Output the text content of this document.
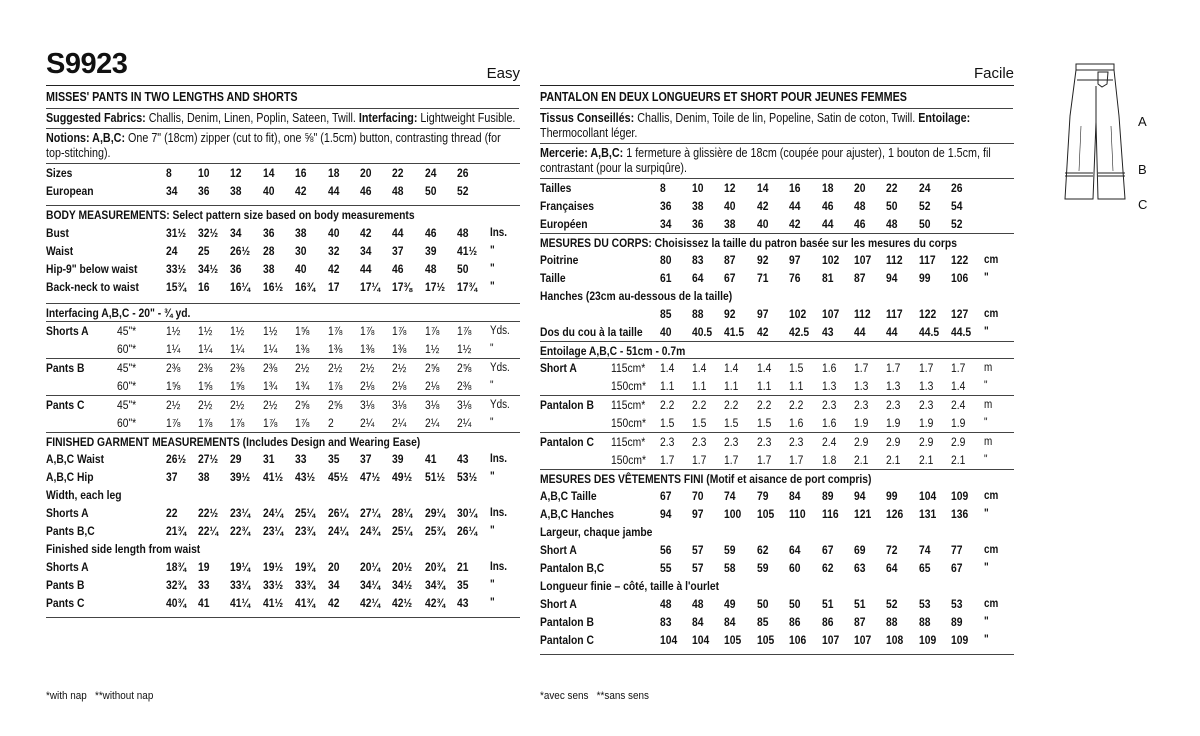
S9923	Easy
MISSES' PANTS IN TWO LENGTHS AND SHORTS
Suggested Fabrics: Challis, Denim, Linen, Poplin, Sateen, Twill. Interfacing: Lightweight Fusible.
Notions: A,B,C: One 7" (18cm) zipper (cut to fit), one ⅝" (1.5cm) button, contrasting thread (for top-stitching).
Sizes	8	10	12	14	16	18	20	22	24	26	
European	34	36	38	40	42	44	46	48	50	52	
BODY MEASUREMENTS: Select pattern size based on body measurements
Bust	31½	32½	34	36	38	40	42	44	46	48	Ins.
Waist	24	25	26½	28	30	32	34	37	39	41½	"
Hip-9" below waist	33½	34½	36	38	40	42	44	46	48	50	"
Back-neck to waist	15¾	16	16¼	16½	16¾	17	17¼	17⅜	17½	17¾	"
Interfacing A,B,C - 20" - ¾ yd.
Shorts A	45"*	1½	1½	1½	1½	1⅝	1⅞	1⅞	1⅞	1⅞	1⅞	Yds.
	60"*	1¼	1¼	1¼	1¼	1⅜	1⅜	1⅜	1⅜	1½	1½	"
Pants B	45"*	2⅜	2⅜	2⅜	2⅜	2½	2½	2½	2½	2⅝	2⅝	Yds.
	60"*	1⅝	1⅝	1⅝	1¾	1¾	1⅞	2⅛	2⅛	2⅛	2⅜	"
Pants C	45"*	2½	2½	2½	2½	2⅝	2⅝	3⅛	3⅛	3⅛	3⅛	Yds.
	60"*	1⅞	1⅞	1⅞	1⅞	1⅞	2	2¼	2¼	2¼	2¼	"
FINISHED GARMENT MEASUREMENTS (Includes Design and Wearing Ease)
A,B,C Waist	26½	27½	29	31	33	35	37	39	41	43	Ins.
A,B,C Hip	37	38	39½	41½	43½	45½	47½	49½	51½	53½	"
Width, each leg
Shorts A	22	22½	23¼	24¼	25¼	26¼	27¼	28¼	29¼	30¼	Ins.
Pants B,C	21¾	22¼	22¾	23¼	23¾	24¼	24¾	25¼	25¾	26¼	"
Finished side length from waist
Shorts A	18¾	19	19¼	19½	19¾	20	20¼	20½	20¾	21	Ins.
Pants B	32¾	33	33¼	33½	33¾	34	34¼	34½	34¾	35	"
Pants C	40¾	41	41¼	41½	41¾	42	42¼	42½	42¾	43	"
Facile
PANTALON EN DEUX LONGUEURS ET SHORT POUR JEUNES FEMMES
Tissus Conseillés: Challis, Denim, Toile de lin, Popeline, Satin de coton, Twill. Entoilage: Thermocollant léger.
Mercerie: A,B,C: 1 fermeture à glissière de 18cm (coupée pour ajuster), 1 bouton de 1.5cm, fil contrastant (pour la surpiqûre).
Tailles	8	10	12	14	16	18	20	22	24	26	
Françaises	36	38	40	42	44	46	48	50	52	54	
Européen	34	36	38	40	42	44	46	48	50	52	
MESURES DU CORPS: Choisissez la taille du patron basée sur les mesures du corps
Poitrine	80	83	87	92	97	102	107	112	117	122	cm
Taille	61	64	67	71	76	81	87	94	99	106	"
Hanches (23cm au-dessous de la taille)
	85	88	92	97	102	107	112	117	122	127	cm
Dos du cou à la taille	40	40.5	41.5	42	42.5	43	44	44	44.5	44.5	"
Entoilage A,B,C - 51cm - 0.7m
Short A	115cm*	1.4	1.4	1.4	1.4	1.5	1.6	1.7	1.7	1.7	1.7	m
	150cm*	1.1	1.1	1.1	1.1	1.1	1.3	1.3	1.3	1.3	1.4	"
Pantalon B	115cm*	2.2	2.2	2.2	2.2	2.2	2.3	2.3	2.3	2.3	2.4	m
	150cm*	1.5	1.5	1.5	1.5	1.6	1.6	1.9	1.9	1.9	1.9	"
Pantalon C	115cm*	2.3	2.3	2.3	2.3	2.3	2.4	2.9	2.9	2.9	2.9	m
	150cm*	1.7	1.7	1.7	1.7	1.7	1.8	2.1	2.1	2.1	2.1	"
MESURES DES VÊTEMENTS FINI (Motif et aisance de port compris)
A,B,C Taille	67	70	74	79	84	89	94	99	104	109	cm
A,B,C Hanches	94	97	100	105	110	116	121	126	131	136	"
Largeur, chaque jambe
Short A	56	57	59	62	64	67	69	72	74	77	cm
Pantalon B,C	55	57	58	59	60	62	63	64	65	67	"
Longueur finie – côté, taille à l'ourlet
Short A	48	48	49	50	50	51	51	52	53	53	cm
Pantalon B	83	84	84	85	86	86	87	88	88	89	"
Pantalon C	104	104	105	105	106	107	107	108	109	109	"
*with nap   **without nap	*avec sens   **sans sens
A
B
C
